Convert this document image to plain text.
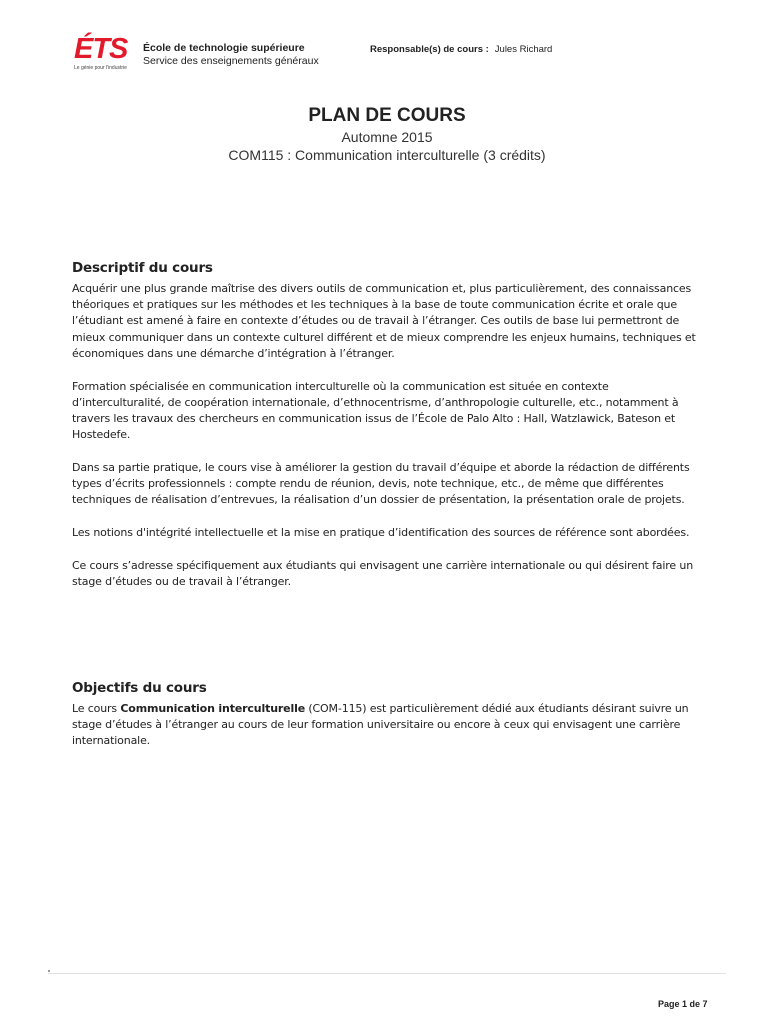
ÉTS
Le génie pour l'industrie
École de technologie supérieure
Service des enseignements généraux
Responsable(s) de cours : Jules Richard
PLAN DE COURS
Automne 2015
COM115 : Communication interculturelle (3 crédits)
Descriptif du cours

Acquérir une plus grande maîtrise des divers outils de communication et, plus particulièrement, des connaissances théoriques et pratiques sur les méthodes et les techniques à la base de toute communication écrite et orale que l’étudiant est amené à faire en contexte d’études ou de travail à l’étranger. Ces outils de base lui permettront de mieux communiquer dans un contexte culturel différent et de mieux comprendre les enjeux humains, techniques et économiques dans une démarche d’intégration à l’étranger.

Formation spécialisée en communication interculturelle où la communication est située en contexte d’interculturalité, de coopération internationale, d’ethnocentrisme, d’anthropologie culturelle, etc., notamment à travers les travaux des chercheurs en communication issus de l’École de Palo Alto : Hall, Watzlawick, Bateson et Hostedefe.

Dans sa partie pratique, le cours vise à améliorer la gestion du travail d’équipe et aborde la rédaction de différents types d’écrits professionnels : compte rendu de réunion, devis, note technique, etc., de même que différentes techniques de réalisation d’entrevues, la réalisation d’un dossier de présentation, la présentation orale de projets.

Les notions d'intégrité intellectuelle et la mise en pratique d’identification des sources de référence sont abordées.

Ce cours s’adresse spécifiquement aux étudiants qui envisagent une carrière internationale ou qui désirent faire un stage d’études ou de travail à l’étranger.

Objectifs du cours

Le cours Communication interculturelle (COM-115) est particulièrement dédié aux étudiants désirant suivre un stage d’études à l’étranger au cours de leur formation universitaire ou encore à ceux qui envisagent une carrière internationale.

Page 1 de 7
